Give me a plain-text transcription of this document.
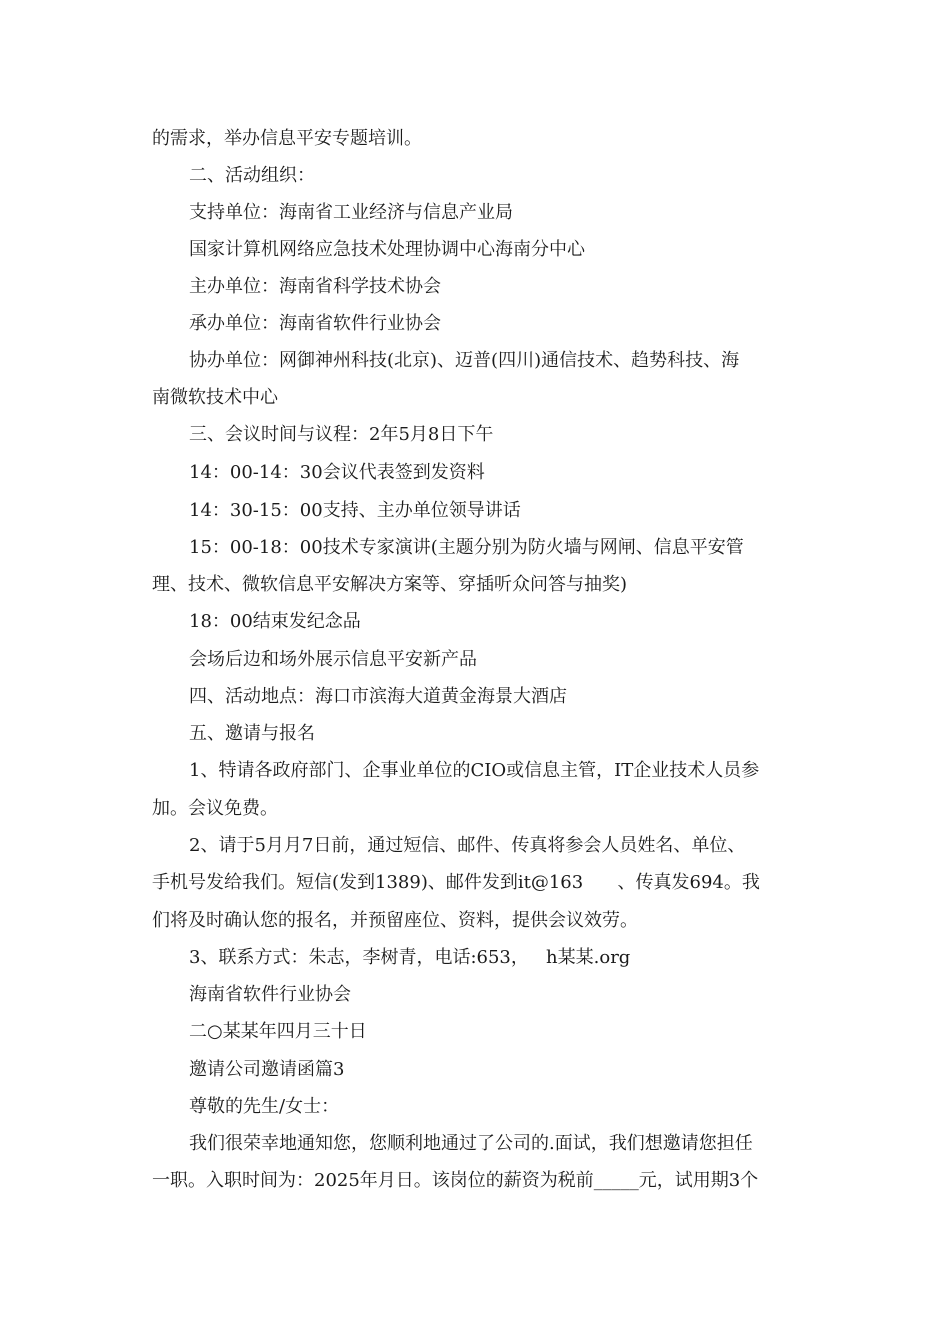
的需求，举办信息平安专题培训。
二、活动组织：
支持单位：海南省工业经济与信息产业局
国家计算机网络应急技术处理协调中心海南分中心
主办单位：海南省科学技术协会
承办单位：海南省软件行业协会
协办单位：网御神州科技(北京)、迈普(四川)通信技术、趋势科技、海
南微软技术中心
三、会议时间与议程：2年5月8日下午
14：00-14：30会议代表签到发资料
14：30-15：00支持、主办单位领导讲话
15：00-18：00技术专家演讲(主题分别为防火墙与网闸、信息平安管
理、技术、微软信息平安解决方案等、穿插听众问答与抽奖)
18：00结束发纪念品
会场后边和场外展示信息平安新产品
四、活动地点：海口市滨海大道黄金海景大酒店
五、邀请与报名
1、特请各政府部门、企事业单位的CIO或信息主管，IT企业技术人员参
加。会议免费。
2、请于5月月7日前，通过短信、邮件、传真将参会人员姓名、单位、
手机号发给我们。短信(发到1389)、邮件发到it@163      、传真发694。我
们将及时确认您的报名，并预留座位、资料，提供会议效劳。
3、联系方式：朱志，李树青，电话:653，   h某某.org
海南省软件行业协会
二○某某年四月三十日
邀请公司邀请函篇3
尊敬的先生/女士：
我们很荣幸地通知您，您顺利地通过了公司的.面试，我们想邀请您担任
一职。入职时间为：2025年月日。该岗位的薪资为税前_____元，试用期3个
